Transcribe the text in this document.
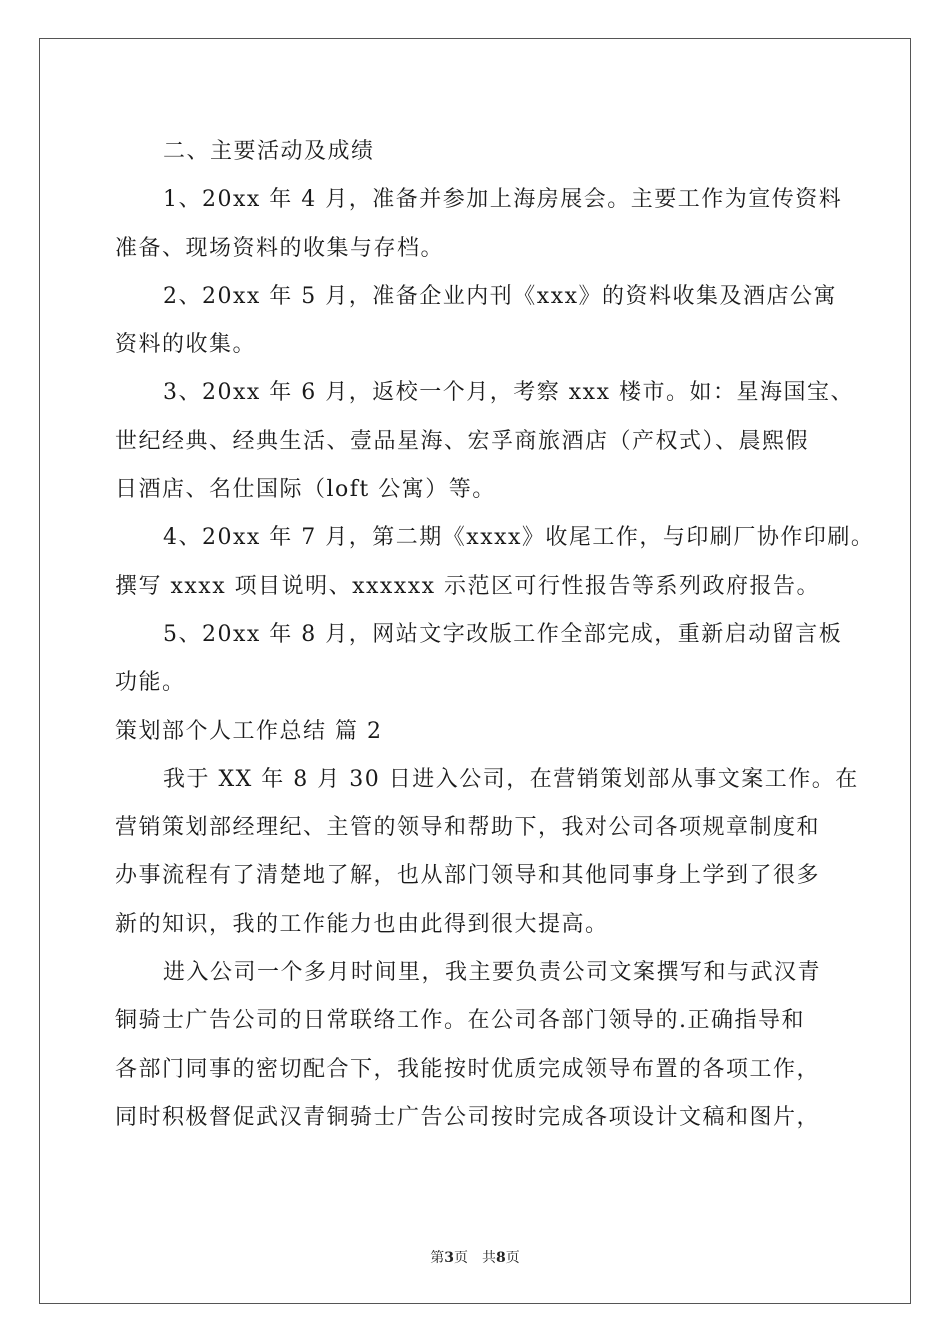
二、主要活动及成绩

1、20xx 年 4 月，准备并参加上海房展会。主要工作为宣传资料
准备、现场资料的收集与存档。

2、20xx 年 5 月，准备企业内刊《xxx》的资料收集及酒店公寓
资料的收集。

3、20xx 年 6 月，返校一个月，考察 xxx 楼市。如：星海国宝、
世纪经典、经典生活、壹品星海、宏孚商旅酒店（产权式）、晨熙假
日酒店、名仕国际（loft 公寓）等。

4、20xx 年 7 月，第二期《xxxx》收尾工作，与印刷厂协作印刷。
撰写 xxxx 项目说明、xxxxxx 示范区可行性报告等系列政府报告。

5、20xx 年 8 月，网站文字改版工作全部完成，重新启动留言板
功能。

策划部个人工作总结 篇 2

我于 XX 年 8 月 30 日进入公司，在营销策划部从事文案工作。在
营销策划部经理纪、主管的领导和帮助下，我对公司各项规章制度和
办事流程有了清楚地了解，也从部门领导和其他同事身上学到了很多
新的知识，我的工作能力也由此得到很大提高。

进入公司一个多月时间里，我主要负责公司文案撰写和与武汉青
铜骑士广告公司的日常联络工作。在公司各部门领导的.正确指导和
各部门同事的密切配合下，我能按时优质完成领导布置的各项工作，
同时积极督促武汉青铜骑士广告公司按时完成各项设计文稿和图片，

第3页　共8页
